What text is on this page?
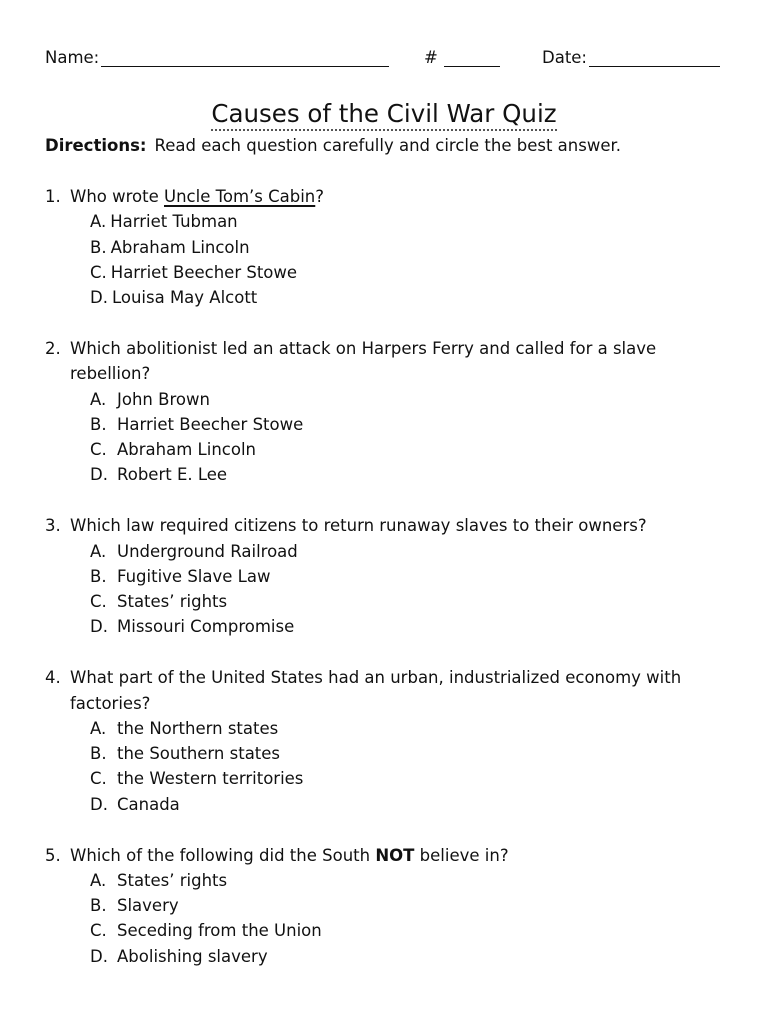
Name:	#	Date:
Causes of the Civil War Quiz
Directions: Read each question carefully and circle the best answer.
1. Who wrote Uncle Tom’s Cabin?
A. Harriet Tubman
B. Abraham Lincoln
C. Harriet Beecher Stowe
D. Louisa May Alcott
2. Which abolitionist led an attack on Harpers Ferry and called for a slave rebellion?
A. John Brown
B. Harriet Beecher Stowe
C. Abraham Lincoln
D. Robert E. Lee
3. Which law required citizens to return runaway slaves to their owners?
A. Underground Railroad
B. Fugitive Slave Law
C. States’ rights
D. Missouri Compromise
4. What part of the United States had an urban, industrialized economy with factories?
A. the Northern states
B. the Southern states
C. the Western territories
D. Canada
5. Which of the following did the South NOT believe in?
A. States’ rights
B. Slavery
C. Seceding from the Union
D. Abolishing slavery
